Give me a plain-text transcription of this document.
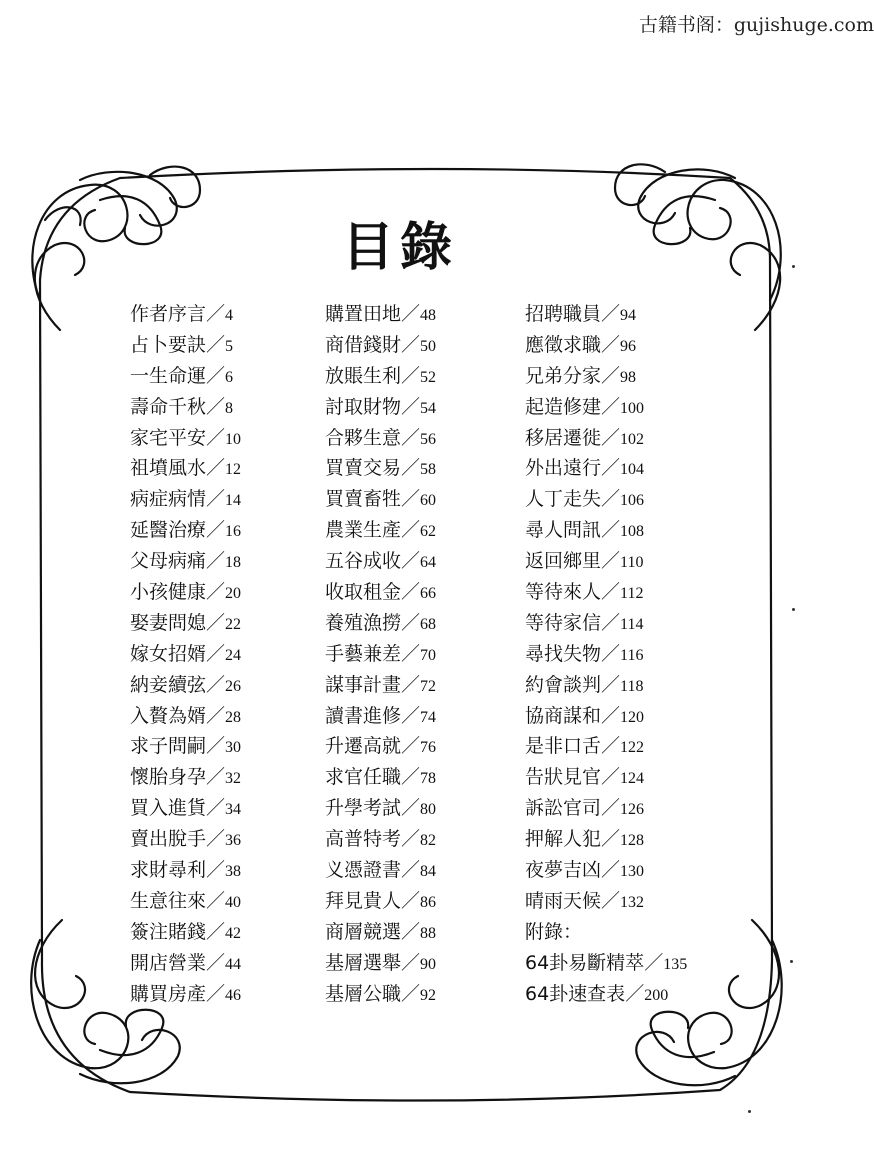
古籍书阁：gujishuge.com
目錄
作者序言／4
占卜要訣／5
一生命運／6
壽命千秋／8
家宅平安／10
祖墳風水／12
病症病情／14
延醫治療／16
父母病痛／18
小孩健康／20
娶妻問媳／22
嫁女招婿／24
納妾續弦／26
入贅為婿／28
求子問嗣／30
懷胎身孕／32
買入進貨／34
賣出脫手／36
求財尋利／38
生意往來／40
簽注賭錢／42
開店營業／44
購買房產／46
購置田地／48
商借錢財／50
放賬生利／52
討取財物／54
合夥生意／56
買賣交易／58
買賣畜牲／60
農業生產／62
五谷成收／64
收取租金／66
養殖漁撈／68
手藝兼差／70
謀事計畫／72
讀書進修／74
升遷高就／76
求官任職／78
升學考試／80
高普特考／82
义憑證書／84
拜見貴人／86
商層競選／88
基層選舉／90
基層公職／92
招聘職員／94
應徵求職／96
兄弟分家／98
起造修建／100
移居遷徙／102
外出遠行／104
人丁走失／106
尋人問訊／108
返回鄉里／110
等待來人／112
等待家信／114
尋找失物／116
約會談判／118
協商謀和／120
是非口舌／122
告狀見官／124
訴訟官司／126
押解人犯／128
夜夢吉凶／130
晴雨天候／132
附錄：
64卦易斷精萃／135
64卦速查表／200
